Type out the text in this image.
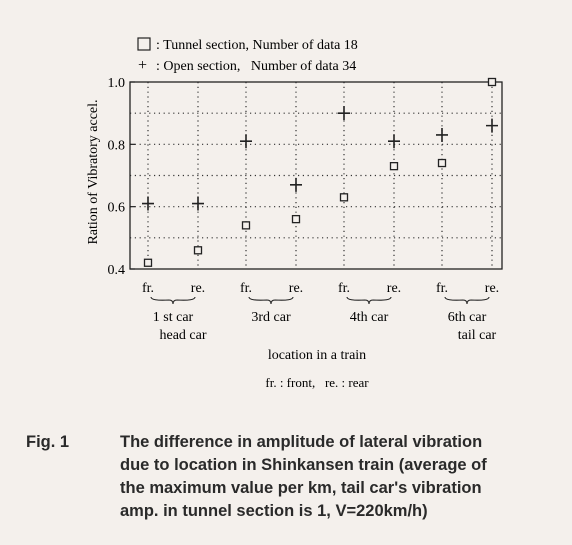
: Tunnel section, Number of data 18
+ : Open section,   Number of data 34
Ration of Vibratory accel.
0.4
0.6
0.8
1.0
fr.	re. fr.	re. fr.	re. fr.	re.
1 st car
head car
3rd car	4th car	6th car
tail car
location in a train
fr. : front,   re. : rear
Fig. 1	The difference in amplitude of lateral vibration
due to location in Shinkansen train (average of
the maximum value per km, tail car's vibration
amp. in tunnel section is 1, V=220km/h)
